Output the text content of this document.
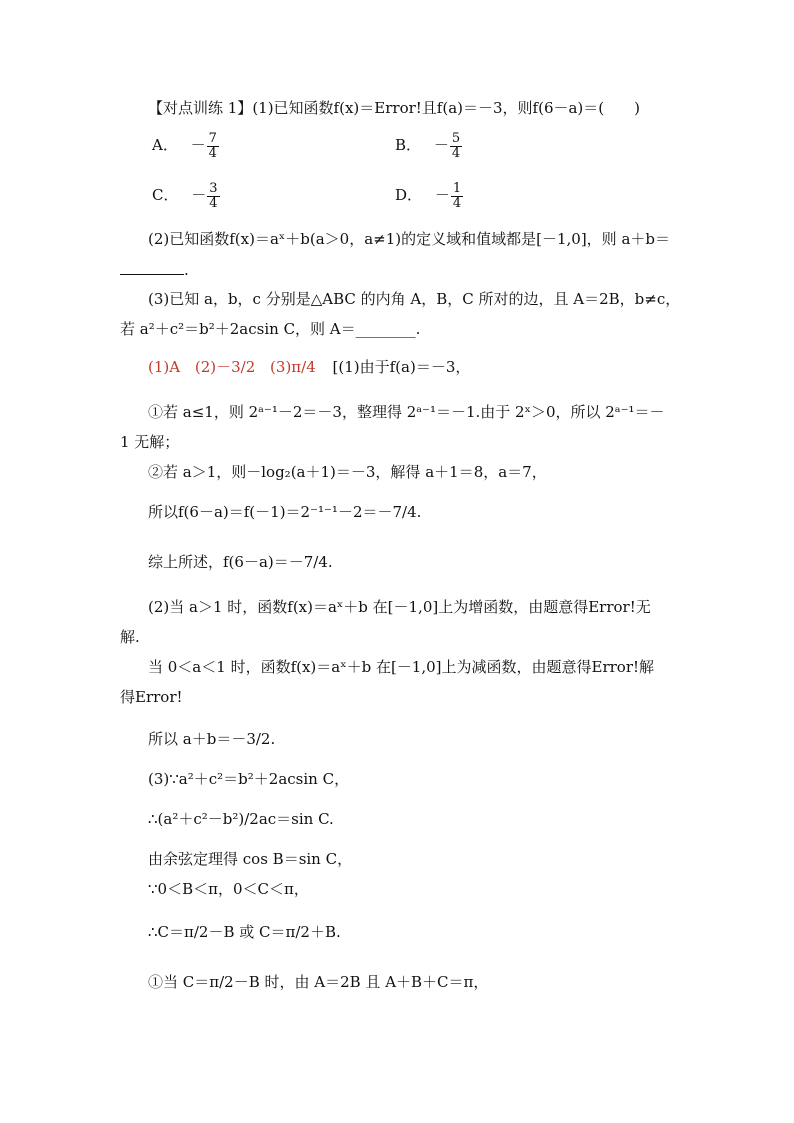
【对点训练 1】(1)已知函数f(x)＝Error!且f(a)＝－3，则f(6－a)＝(　　)
A． － $\frac{7}{4}$	B． － $\frac{5}{4}$
C． － $\frac{3}{4}$	D． － $\frac{1}{4}$
(2)已知函数f(x)＝aˣ＋b(a＞0，a≠1)的定义域和值域都是[－1,0]，则 a＋b＝
.
(3)已知 a，b，c 分别是△ABC 的内角 A，B，C 所对的边，且 A＝2B，b≠c，
若 a²＋c²＝b²＋2acsin C，则 A＝________.
(1)A (2)－3/2 (3)π/4 [(1)由于f(a)＝－3，
①若 a≤1，则 2ᵃ⁻¹－2＝－3，整理得 2ᵃ⁻¹＝－1.由于 2ˣ＞0，所以 2ᵃ⁻¹＝－
1 无解；
②若 a＞1，则－log₂(a＋1)＝－3，解得 a＋1＝8，a＝7，
所以f(6－a)＝f(－1)＝2⁻¹⁻¹－2＝－7/4.
综上所述，f(6－a)＝－7/4.
(2)当 a＞1 时，函数f(x)＝aˣ＋b 在[－1,0]上为增函数，由题意得Error!无
解.
当 0＜a＜1 时，函数f(x)＝aˣ＋b 在[－1,0]上为减函数，由题意得Error!解
得Error!
所以 a＋b＝－3/2.
(3)∵a²＋c²＝b²＋2acsin C，
∴(a²＋c²－b²)/2ac＝sin C.
由余弦定理得 cos B＝sin C，
∵0＜B＜π，0＜C＜π，
∴C＝π/2－B 或 C＝π/2＋B.
①当 C＝π/2－B 时，由 A＝2B 且 A＋B＋C＝π，
